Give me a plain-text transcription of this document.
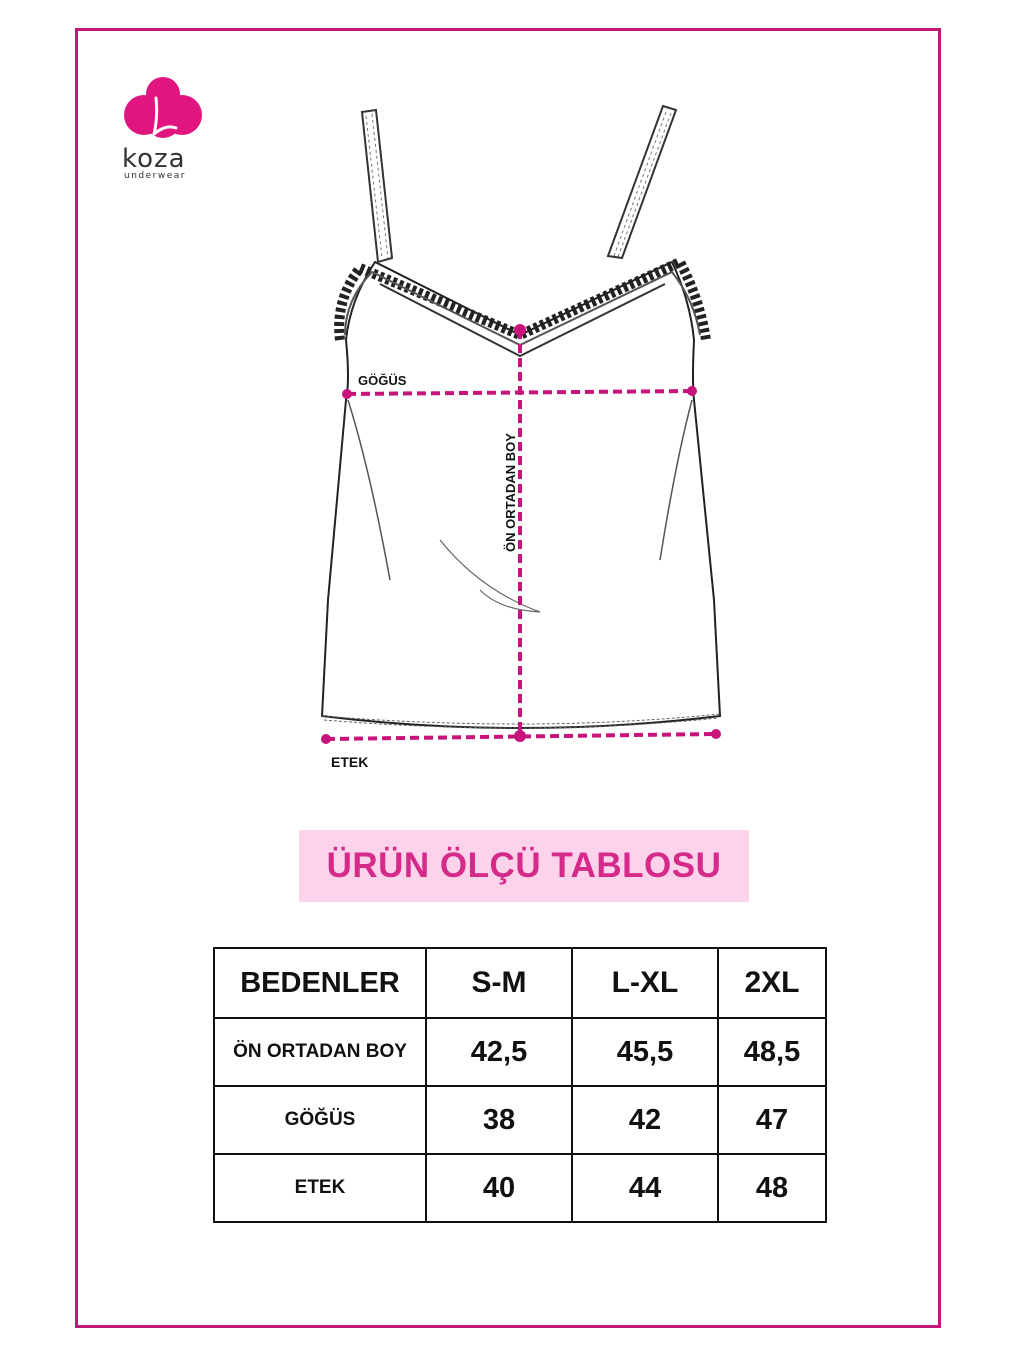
koza
underwear
GÖĞÜS
ÖN ORTADAN BOY
ETEK
ÜRÜN ÖLÇÜ TABLOSU
BEDENLER	S-M	L-XL	2XL
ÖN ORTADAN BOY	42,5	45,5	48,5
GÖĞÜS	38	42	47
ETEK	40	44	48
